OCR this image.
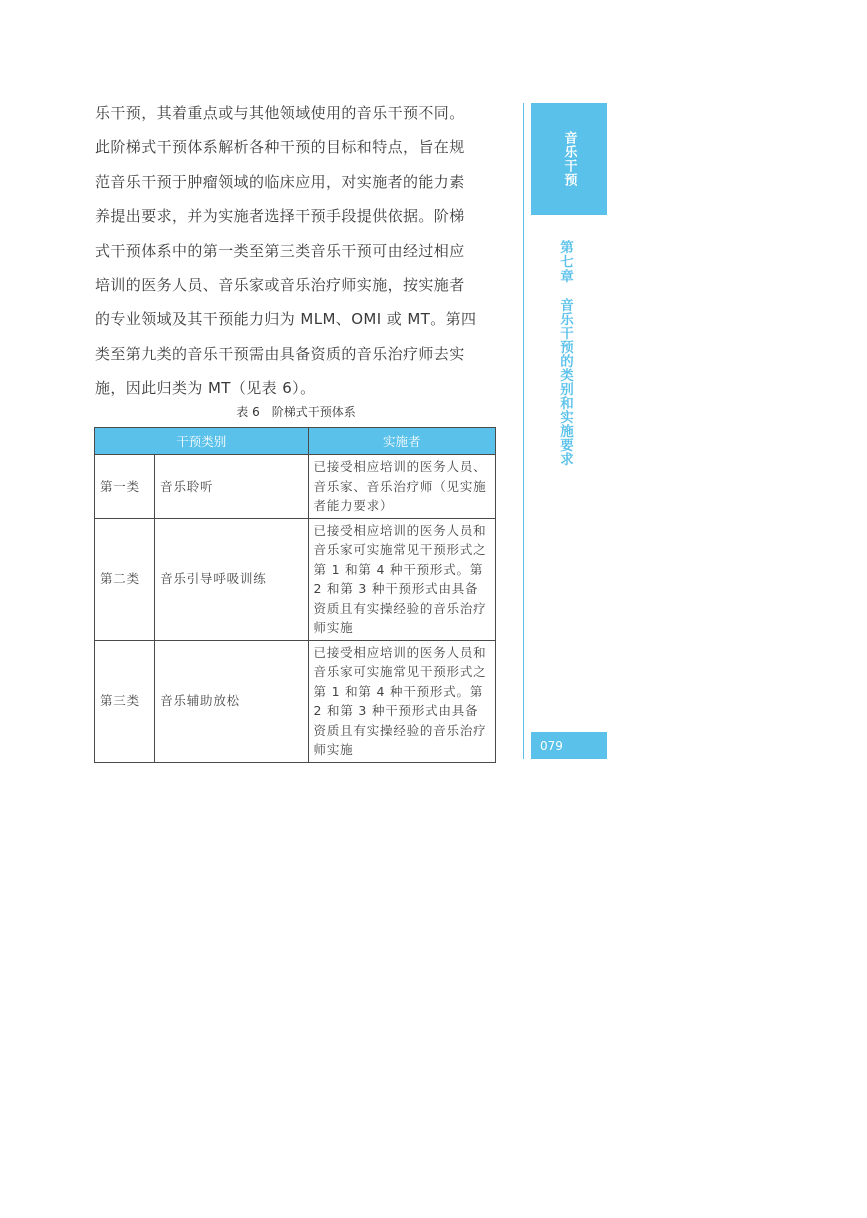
乐干预，其着重点或与其他领域使用的音乐干预不同。
此阶梯式干预体系解析各种干预的目标和特点，旨在规
范音乐干预于肿瘤领域的临床应用，对实施者的能力素
养提出要求，并为实施者选择干预手段提供依据。阶梯
式干预体系中的第一类至第三类音乐干预可由经过相应
培训的医务人员、音乐家或音乐治疗师实施，按实施者
的专业领域及其干预能力归为 MLM、OMI 或 MT。第四
类至第九类的音乐干预需由具备资质的音乐治疗师去实
施，因此归类为 MT（见表 6）。
表 6　阶梯式干预体系
干预类别		实施者
第一类	音乐聆听	已接受相应培训的医务人员、音乐家、音乐治疗师（见实施者能力要求）
第二类	音乐引导呼吸训练	已接受相应培训的医务人员和音乐家可实施常见干预形式之第 1 和第 4 种干预形式。第 2 和第 3 种干预形式由具备资质且有实操经验的音乐治疗师实施
第三类	音乐辅助放松	已接受相应培训的医务人员和音乐家可实施常见干预形式之第 1 和第 4 种干预形式。第 2 和第 3 种干预形式由具备资质且有实操经验的音乐治疗师实施
音乐干预
第七章
音乐干预的类别和实施要求
079
